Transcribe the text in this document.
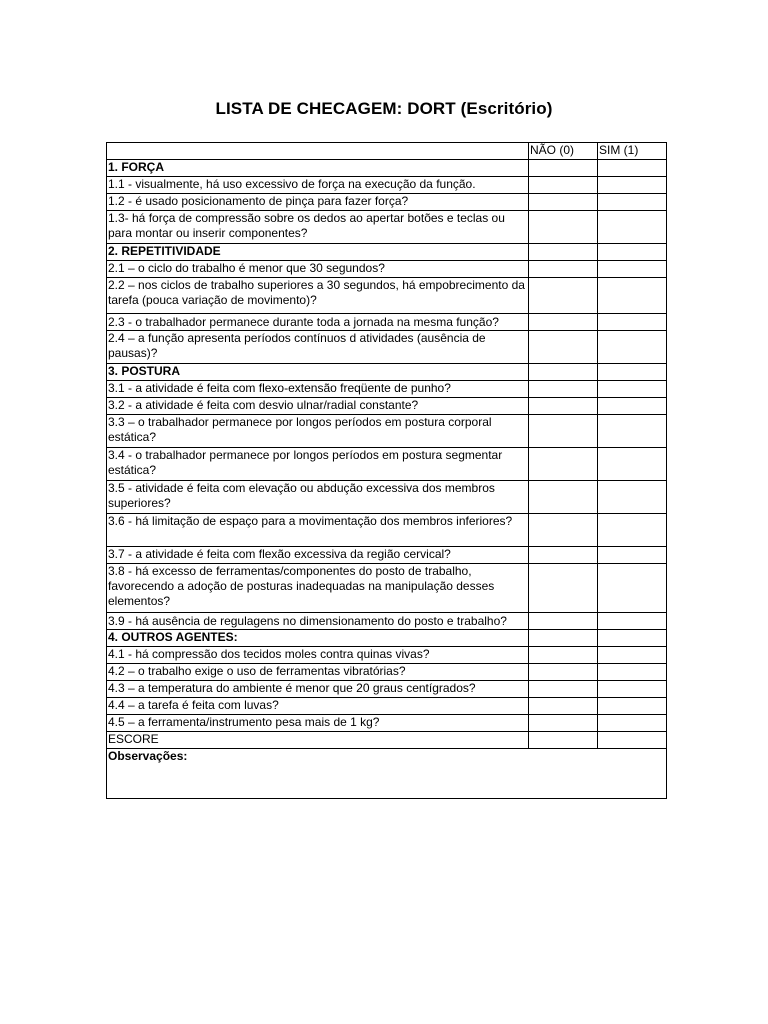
LISTA DE CHECAGEM: DORT (Escritório)
	NÃO (0)	SIM (1)
1. FORÇA		
1.1 - visualmente, há uso excessivo de força na execução da função.		
1.2 - é usado posicionamento de pinça para fazer força?		
1.3- há força de compressão sobre os dedos ao apertar botões e teclas ou para montar ou inserir componentes?		
2. REPETITIVIDADE		
2.1 – o ciclo do trabalho é menor que 30 segundos?		
2.2 – nos ciclos de trabalho superiores a 30 segundos, há empobrecimento da tarefa (pouca variação de movimento)?		
2.3 - o trabalhador permanece durante toda a jornada na mesma função?		
2.4 – a função apresenta períodos contínuos d atividades (ausência de pausas)?		
3. POSTURA		
3.1 - a atividade é feita com flexo-extensão freqüente de punho?		
3.2 - a atividade é feita com desvio ulnar/radial constante?		
3.3 – o trabalhador permanece por longos períodos em postura corporal estática?		
3.4 - o trabalhador permanece por longos períodos em postura segmentar estática?		
3.5 - atividade é feita com elevação ou abdução excessiva dos membros superiores?		
3.6 - há limitação de espaço para a movimentação dos membros inferiores?		
3.7 - a atividade é feita com flexão excessiva da região cervical?		
3.8 - há excesso de ferramentas/componentes do posto de trabalho, favorecendo a adoção de posturas inadequadas na manipulação desses elementos?		
3.9 - há ausência de regulagens no dimensionamento do posto e trabalho?		
4. OUTROS AGENTES:		
4.1 - há compressão dos tecidos moles contra quinas vivas?		
4.2 – o trabalho exige o uso de ferramentas vibratórias?		
4.3 – a temperatura do ambiente é menor que 20 graus centígrados?		
4.4 – a tarefa é feita com luvas?		
4.5 – a ferramenta/instrumento pesa mais de 1 kg?		
ESCORE		
Observações:		
